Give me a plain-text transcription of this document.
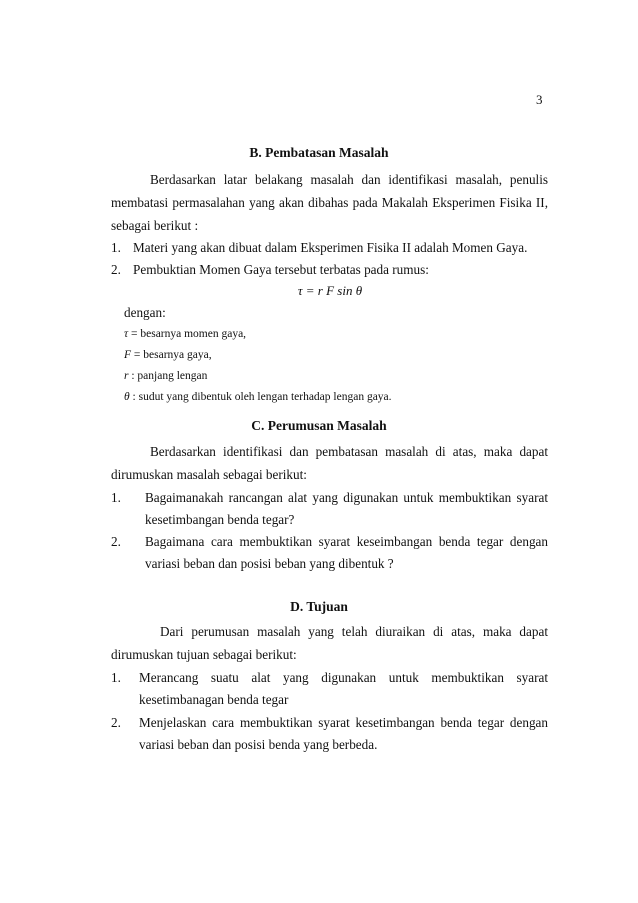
3
B. Pembatasan Masalah
Berdasarkan latar belakang masalah dan identifikasi masalah, penulis
membatasi permasalahan yang akan dibahas pada Makalah Eksperimen Fisika II,
sebagai berikut :
1. Materi yang akan dibuat dalam Eksperimen Fisika II adalah Momen Gaya.
2. Pembuktian Momen Gaya tersebut terbatas pada rumus:
τ = r F sin θ
dengan:
τ = besarnya momen gaya,
F = besarnya gaya,
r : panjang lengan
θ : sudut yang dibentuk oleh lengan terhadap lengan gaya.
C. Perumusan Masalah
Berdasarkan identifikasi dan pembatasan masalah di atas, maka dapat
dirumuskan masalah sebagai berikut:
1. Bagaimanakah rancangan alat yang digunakan untuk membuktikan syarat
kesetimbangan benda tegar?
2. Bagaimana cara membuktikan syarat keseimbangan benda tegar dengan
variasi beban dan posisi beban yang dibentuk ?
D. Tujuan
Dari perumusan masalah yang telah diuraikan di atas, maka dapat
dirumuskan tujuan sebagai berikut:
1. Merancang suatu alat yang digunakan untuk membuktikan syarat
kesetimbanagan benda tegar
2. Menjelaskan cara membuktikan syarat kesetimbangan benda tegar dengan
variasi beban dan posisi benda yang berbeda.
